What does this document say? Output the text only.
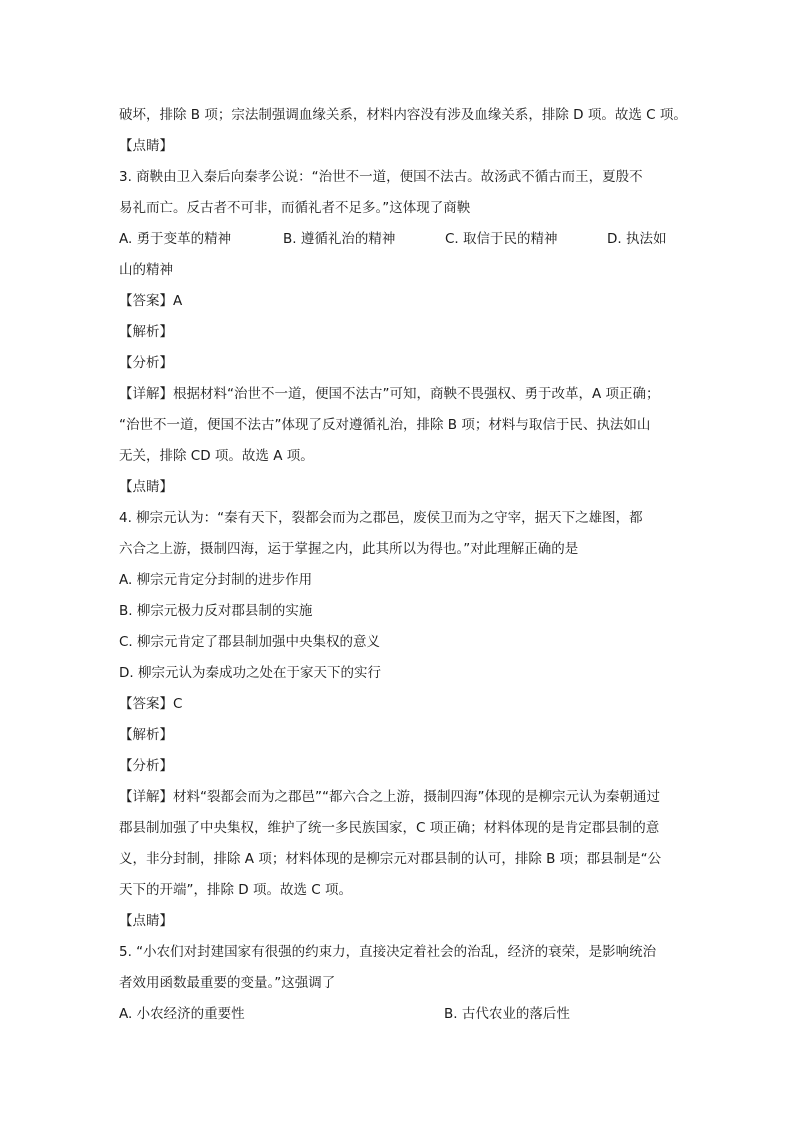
破坏，排除 B 项；宗法制强调血缘关系，材料内容没有涉及血缘关系，排除 D 项。故选 C 项。
【点睛】
3. 商鞅由卫入秦后向秦孝公说：“治世不一道，便国不法古。故汤武不循古而王，夏殷不
易礼而亡。反古者不可非，而循礼者不足多。”这体现了商鞅
A. 勇于变革的精神	B. 遵循礼治的精神	C. 取信于民的精神	D. 执法如
山的精神
【答案】A
【解析】
【分析】
【详解】根据材料“治世不一道，便国不法古”可知，商鞅不畏强权、勇于改革，A 项正确；
“治世不一道，便国不法古”体现了反对遵循礼治，排除 B 项；材料与取信于民、执法如山
无关，排除 CD 项。故选 A 项。
【点睛】
4. 柳宗元认为：“秦有天下，裂都会而为之郡邑，废侯卫而为之守宰，据天下之雄图，都
六合之上游，摄制四海，运于掌握之内，此其所以为得也。”对此理解正确的是
A. 柳宗元肯定分封制的进步作用
B. 柳宗元极力反对郡县制的实施
C. 柳宗元肯定了郡县制加强中央集权的意义
D. 柳宗元认为秦成功之处在于家天下的实行
【答案】C
【解析】
【分析】
【详解】材料“裂都会而为之郡邑”“都六合之上游，摄制四海”体现的是柳宗元认为秦朝通过
郡县制加强了中央集权，维护了统一多民族国家，C 项正确；材料体现的是肯定郡县制的意
义，非分封制，排除 A 项；材料体现的是柳宗元对郡县制的认可，排除 B 项；郡县制是“公
天下的开端”，排除 D 项。故选 C 项。
【点睛】
5. “小农们对封建国家有很强的约束力，直接决定着社会的治乱，经济的衰荣，是影响统治
者效用函数最重要的变量。”这强调了
A. 小农经济的重要性	B. 古代农业的落后性
